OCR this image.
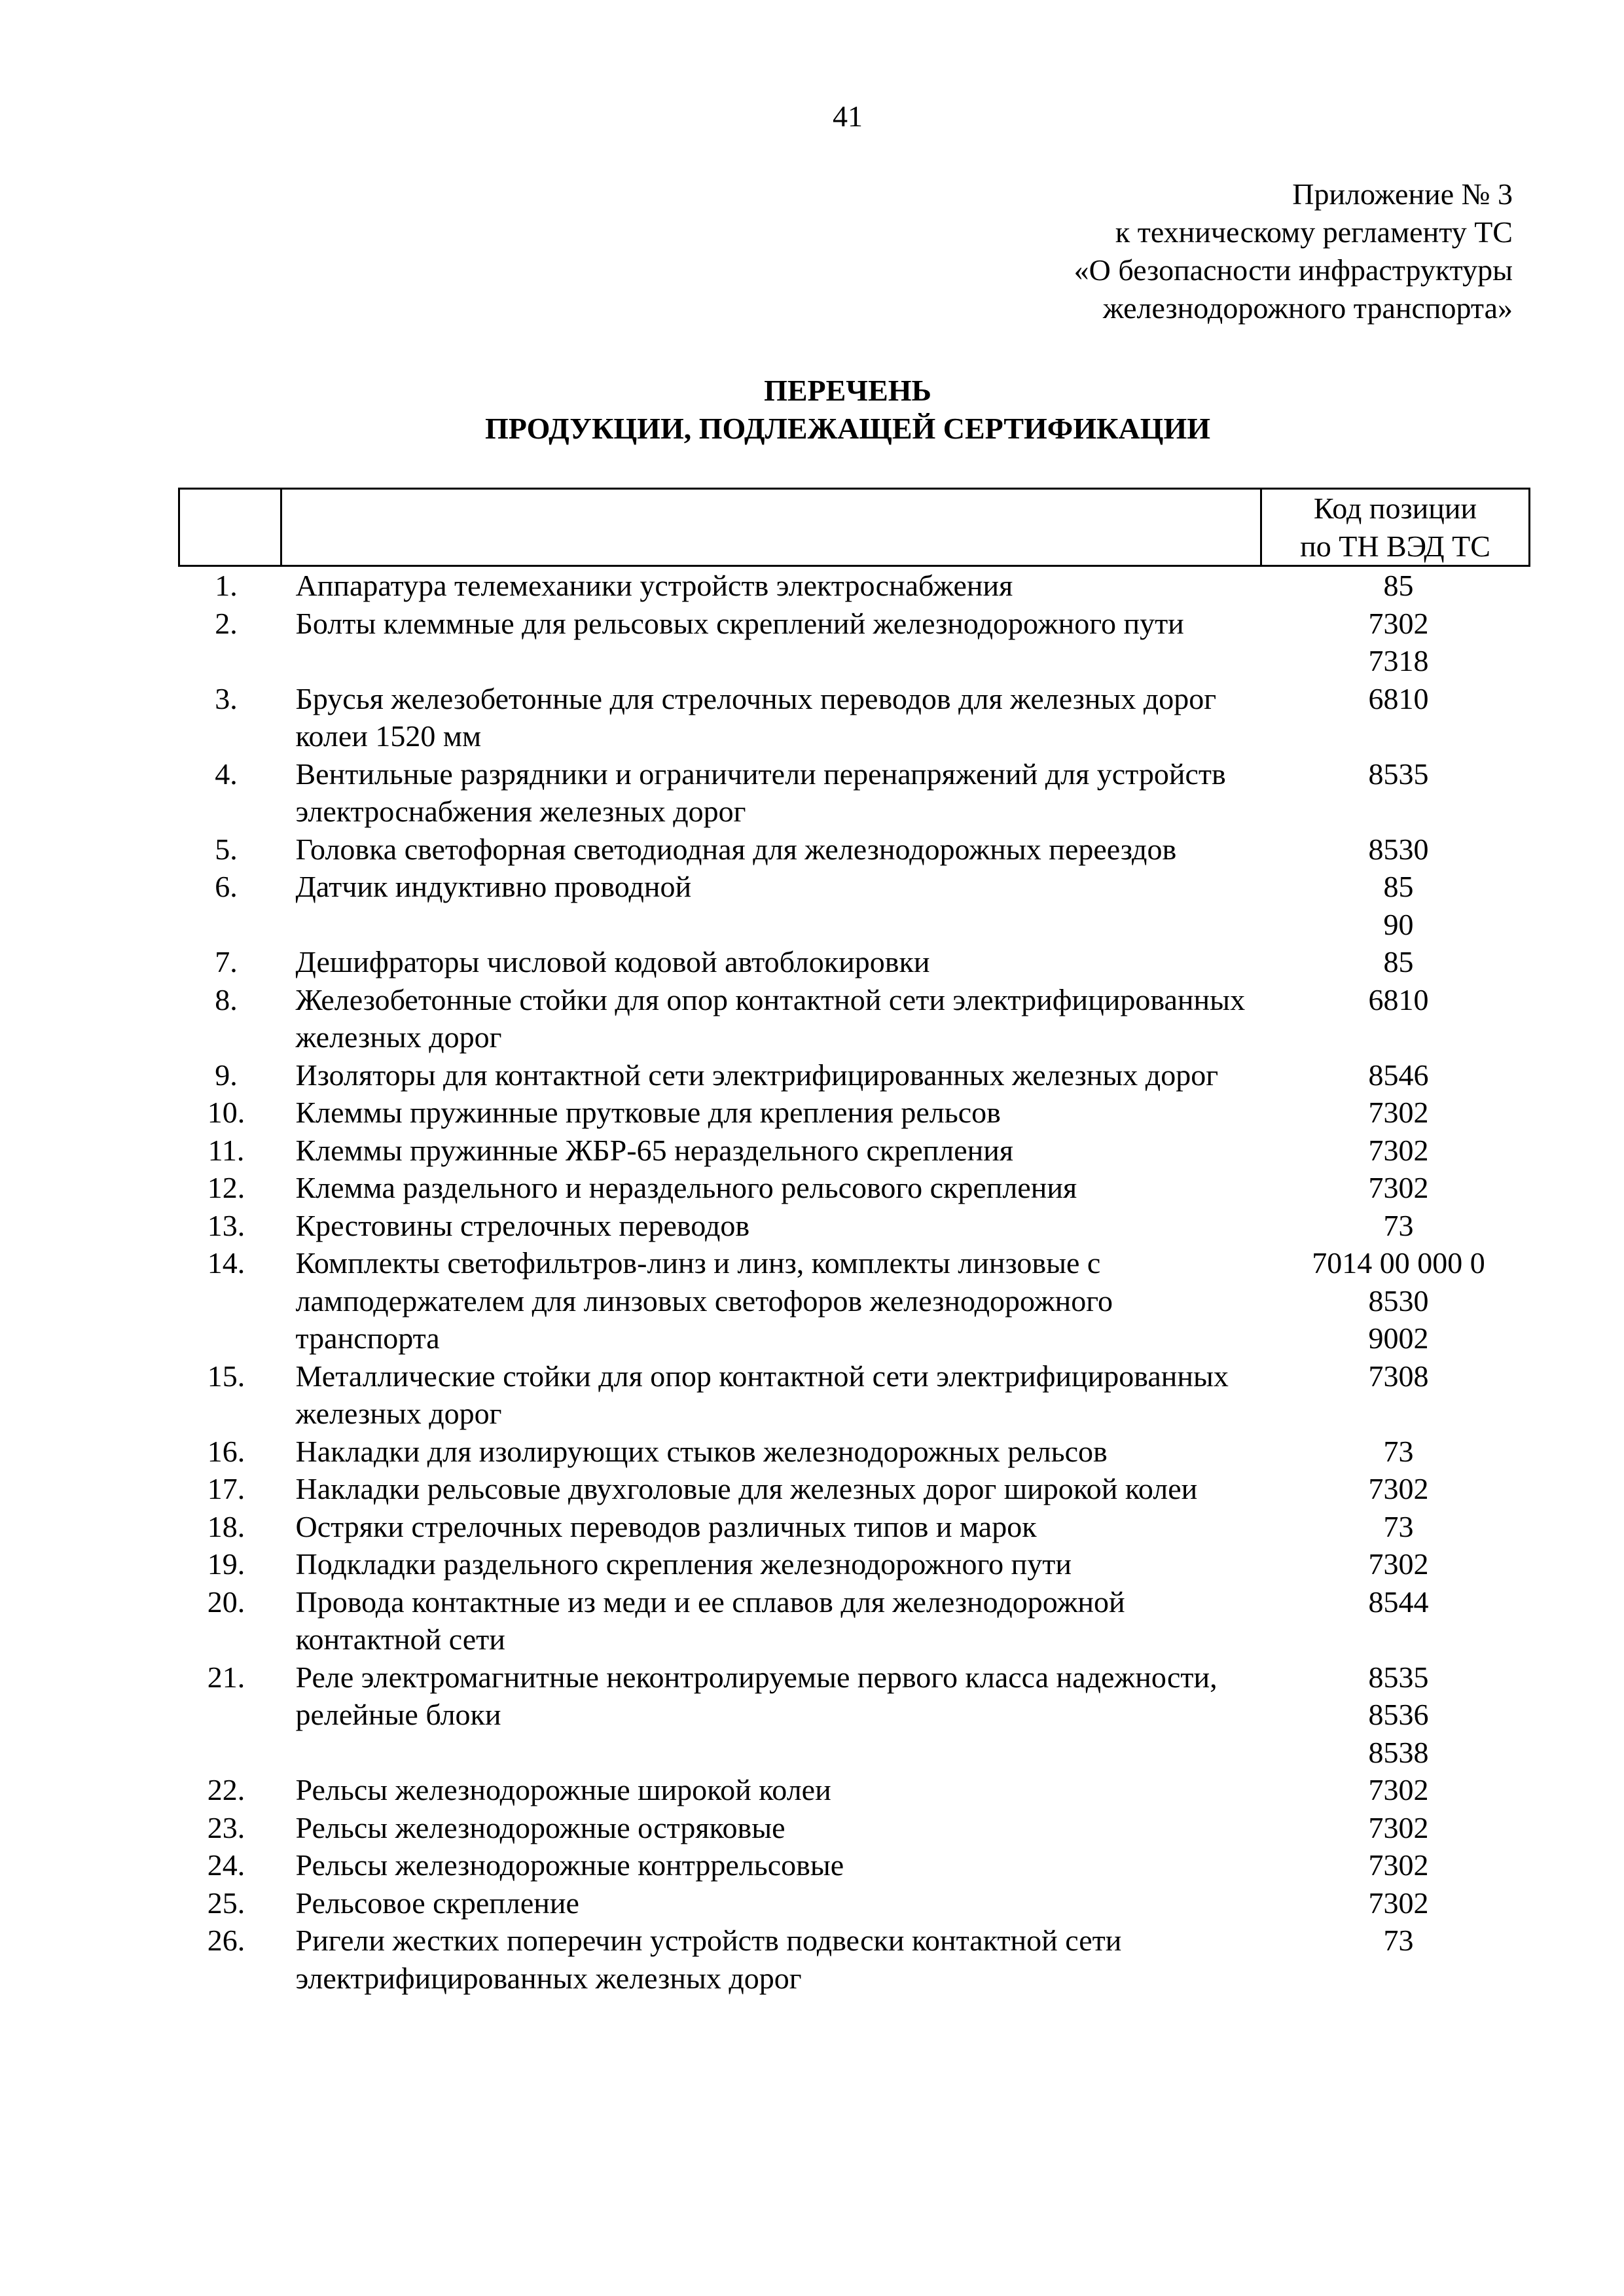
41
Приложение № 3
к техническому регламенту ТС
«О безопасности инфраструктуры
железнодорожного транспорта»
ПЕРЕЧЕНЬ
ПРОДУКЦИИ, ПОДЛЕЖАЩЕЙ СЕРТИФИКАЦИИ

		Код позиции
по ТН ВЭД ТС

1.	Аппаратура телемеханики устройств электроснабжения	85

2.	Болты клеммные для рельсовых скреплений железнодорожного пути	7302
7318

3.	Брусья железобетонные для стрелочных переводов для железных дорог колеи 1520 мм	6810

4.	Вентильные разрядники и ограничители перенапряжений для устройств электроснабжения железных дорог	8535

5.	Головка светофорная светодиодная для железнодорожных переездов	8530

6.	Датчик индуктивно проводной	85
90

7.	Дешифраторы числовой кодовой автоблокировки	85

8.	Железобетонные стойки для опор контактной сети электрифицированных железных дорог	6810

9.	Изоляторы для контактной сети электрифицированных железных дорог	8546

10.	Клеммы пружинные прутковые для крепления рельсов	7302

11.	Клеммы пружинные ЖБР-65 нераздельного скрепления	7302

12.	Клемма раздельного и нераздельного рельсового скрепления	7302

13.	Крестовины стрелочных переводов	73

14.	Комплекты светофильтров-линз и линз, комплекты линзовые с ламподержателем для линзовых светофоров железнодорожного транспорта	7014 00 000 0
8530
9002

15.	Металлические стойки для опор контактной сети электрифицированных железных дорог	7308

16.	Накладки для изолирующих стыков железнодорожных рельсов	73

17.	Накладки рельсовые двухголовые для железных дорог широкой колеи	7302

18.	Остряки стрелочных переводов различных типов и марок	73

19.	Подкладки раздельного скрепления железнодорожного пути	7302

20.	Провода контактные из меди и ее сплавов для железнодорожной контактной сети	8544

21.	Реле электромагнитные неконтролируемые первого класса надежности, релейные блоки	8535
8536
8538

22.	Рельсы железнодорожные широкой колеи	7302

23.	Рельсы железнодорожные остряковые	7302

24.	Рельсы железнодорожные контррельсовые	7302

25.	Рельсовое скрепление	7302

26.	Ригели жестких поперечин устройств подвески контактной сети электрифицированных железных дорог	73
